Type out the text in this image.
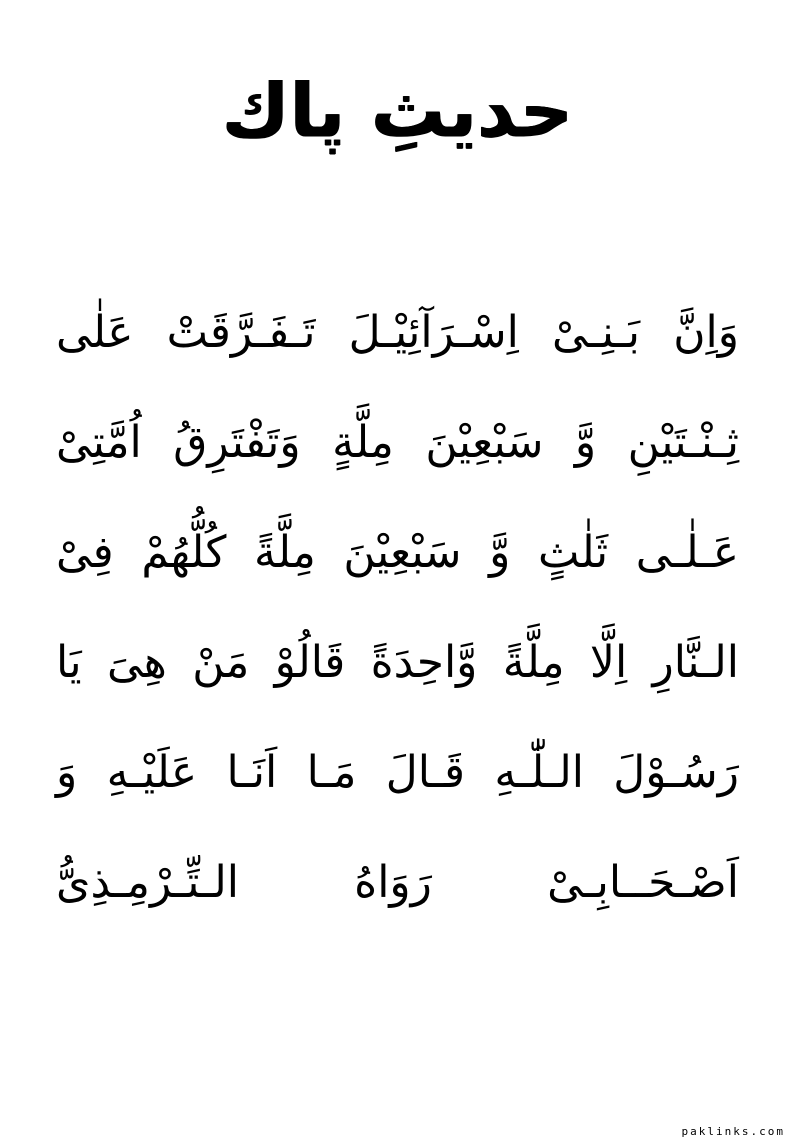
حديثِ پاك
وَاِنَّ بَـنِـىْ اِسْـرَآئِيْـلَ تَـفَـرَّقَتْ عَلٰى
ثِـنْـتَيْنِ وَّ سَبْعِيْنَ مِلَّةٍ وَتَفْتَرِقُ اُمَّتِىْ
عَـلٰـى ثَلٰثٍ وَّ سَبْعِيْنَ مِلَّةً كُلُّهُمْ فِىْ
الـنَّارِ اِلَّا مِلَّةً وَّاحِدَةً قَالُوْ مَنْ هِىَ يَا
رَسُـوْلَ الـلّٰـهِ قَـالَ مَـا اَنَـا عَلَيْـهِ وَ
اَصْـحَــابِـىْ رَوَاهُ الـتِّـرْمِـذِىُّ
paklinks.com
